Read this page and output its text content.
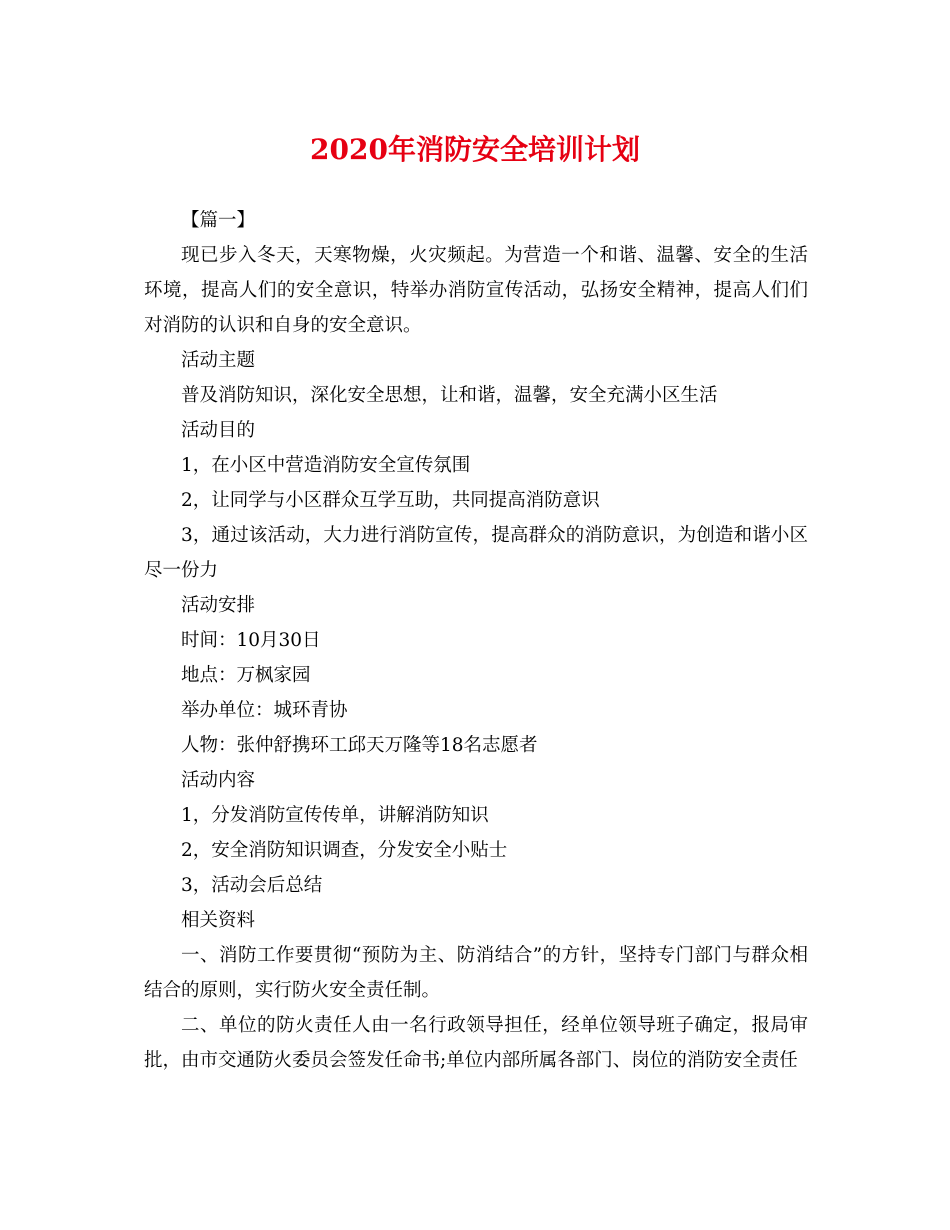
2020年消防安全培训计划

【篇一】

现已步入冬天，天寒物燥，火灾频起。为营造一个和谐、温馨、安全的生活环境，提高人们的安全意识，特举办消防宣传活动，弘扬安全精神，提高人们们对消防的认识和自身的安全意识。

活动主题

普及消防知识，深化安全思想，让和谐，温馨，安全充满小区生活

活动目的

1，在小区中营造消防安全宣传氛围

2，让同学与小区群众互学互助，共同提高消防意识

3，通过该活动，大力进行消防宣传，提高群众的消防意识，为创造和谐小区尽一份力

活动安排

时间：10月30日

地点：万枫家园

举办单位：城环青协

人物：张仲舒携环工邱天万隆等18名志愿者

活动内容

1，分发消防宣传传单，讲解消防知识

2，安全消防知识调查，分发安全小贴士

3，活动会后总结

相关资料

一、消防工作要贯彻“预防为主、防消结合”的方针，坚持专门部门与群众相结合的原则，实行防火安全责任制。

二、单位的防火责任人由一名行政领导担任，经单位领导班子确定，报局审批，由市交通防火委员会签发任命书;单位内部所属各部门、岗位的消防安全责任
